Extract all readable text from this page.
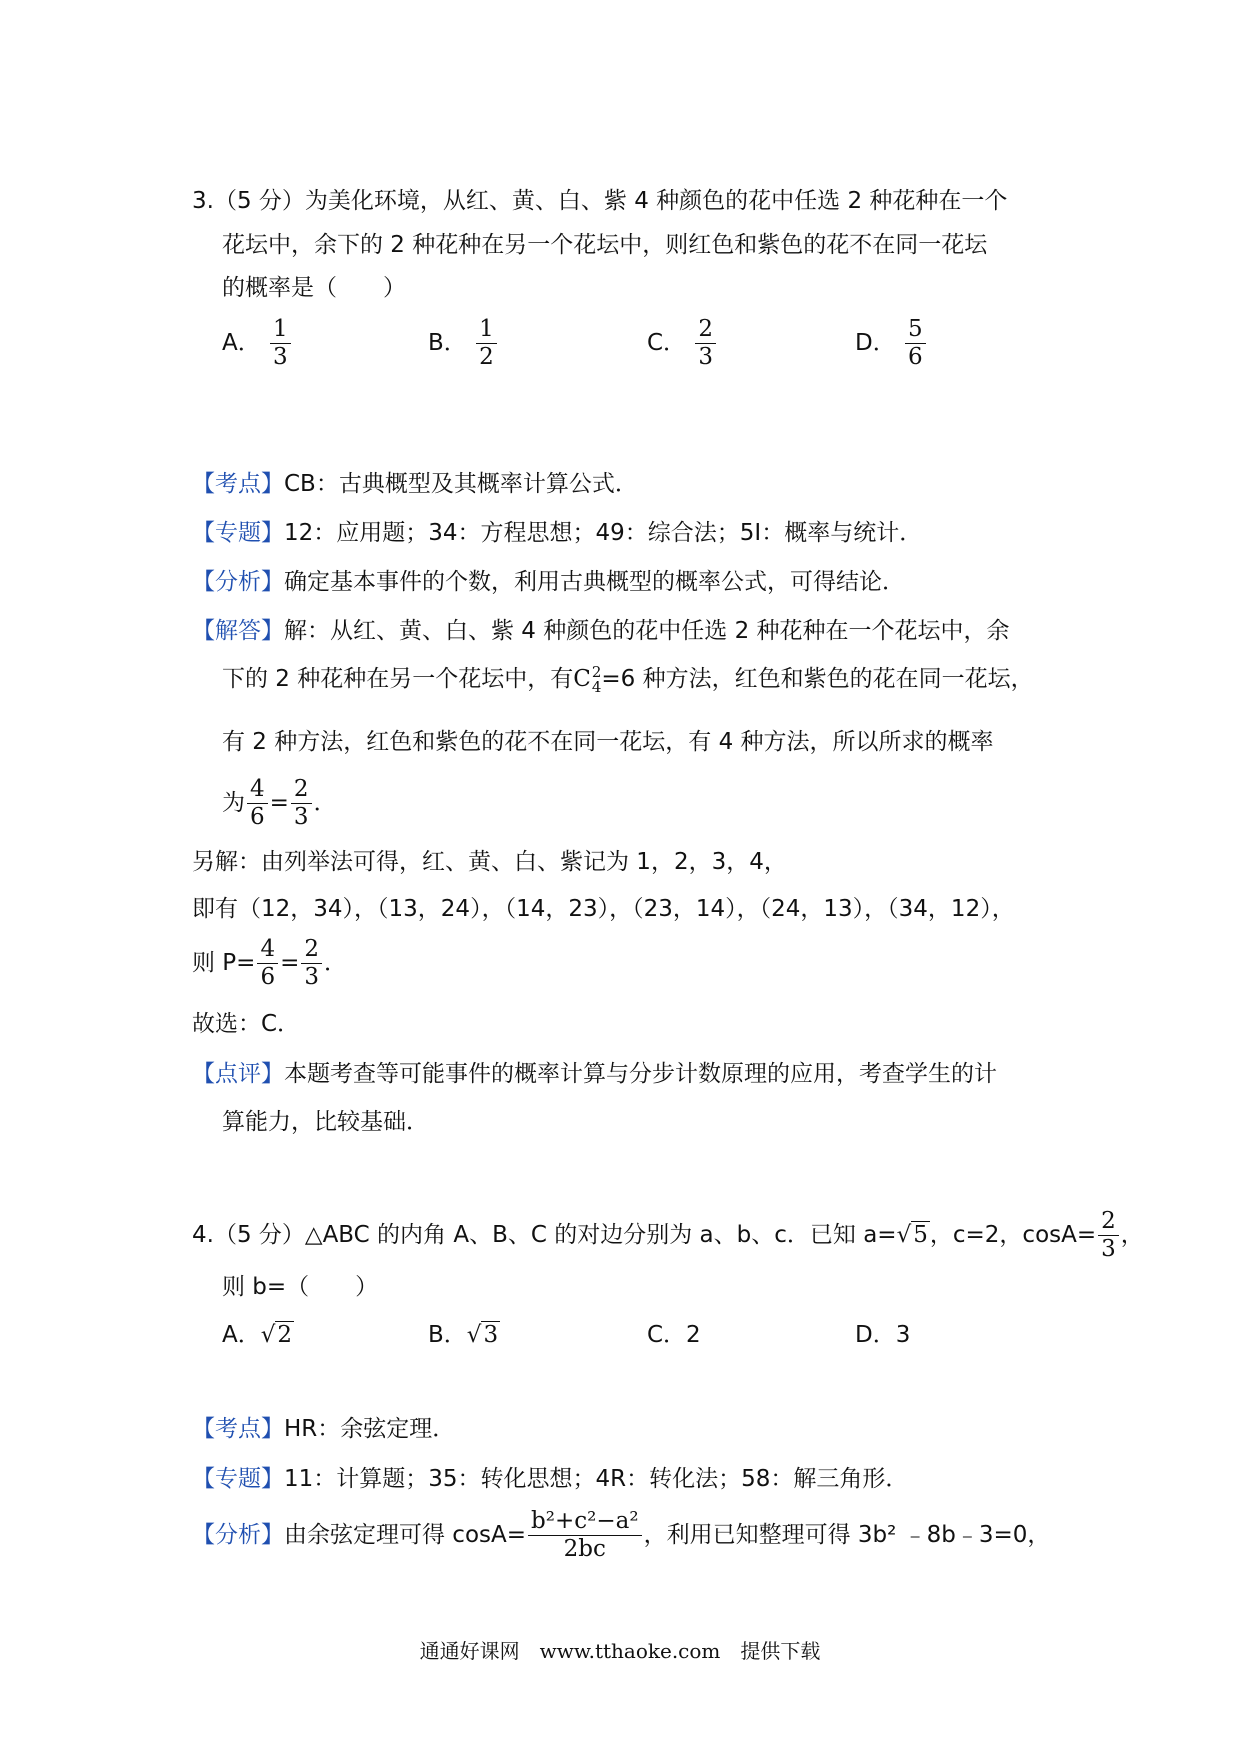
3.（5 分）为美化环境，从红、黄、白、紫 4 种颜色的花中任选 2 种花种在一个
花坛中，余下的 2 种花种在另一个花坛中，则红色和紫色的花不在同一花坛
的概率是（　　）
A． $\frac{1}{3}$	B． $\frac{1}{2}$	C． $\frac{2}{3}$	D． $\frac{5}{6}$
【考点】CB：古典概型及其概率计算公式．
【专题】12：应用题；34：方程思想；49：综合法；5I：概率与统计．
【分析】确定基本事件的个数，利用古典概型的概率公式，可得结论．
【解答】解：从红、黄、白、紫 4 种颜色的花中任选 2 种花种在一个花坛中，余
下的 2 种花种在另一个花坛中，有C 2
4 =6 种方法，红色和紫色的花在同一花坛，
有 2 种方法，红色和紫色的花不在同一花坛，有 4 种方法，所以所求的概率
为 $\frac{4}{6} = \frac{2}{3}$ ．
另解：由列举法可得，红、黄、白、紫记为 1，2，3，4，
即有（12，34），（13，24），（14，23），（23，14），（24，13），（34，12），
则 $P= \frac{4}{6} = \frac{2}{3}$ ．
故选：C．
【点评】本题考查等可能事件的概率计算与分步计数原理的应用，考查学生的计
算能力，比较基础．
4.（5 分）△ABC 的内角 A、B、C 的对边分别为 a、b、c．已知 a=√5，c=2，$\cos A= \frac{2}{3}$ ，
则 b=（　　）
A．√2	B．√3	C．2	D．3
【考点】HR：余弦定理．
【专题】11：计算题；35：转化思想；4R：转化法；58：解三角形．
【分析】由余弦定理可得 $\cos A= \frac{\text{b²+c²−a²}}{2bc}$ ，利用已知整理可得 3b² ﹣8b﹣3=0，
通通好课网　www.tthaoke.com　提供下载
